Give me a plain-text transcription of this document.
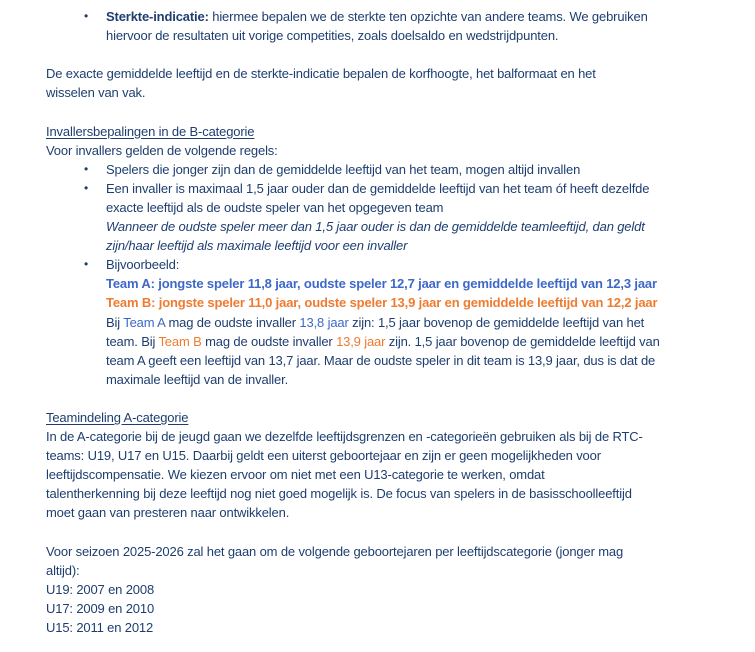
• Sterkte-indicatie: hiermee bepalen we de sterkte ten opzichte van andere teams. We gebruiken
hiervoor de resultaten uit vorige competities, zoals doelsaldo en wedstrijdpunten.
De exacte gemiddelde leeftijd en de sterkte-indicatie bepalen de korfhoogte, het balformaat en het
wisselen van vak.
Invallersbepalingen in de B-categorie
Voor invallers gelden de volgende regels:
• Spelers die jonger zijn dan de gemiddelde leeftijd van het team, mogen altijd invallen
• Een invaller is maximaal 1,5 jaar ouder dan de gemiddelde leeftijd van het team óf heeft dezelfde
exacte leeftijd als de oudste speler van het opgegeven team
Wanneer de oudste speler meer dan 1,5 jaar ouder is dan de gemiddelde teamleeftijd, dan geldt
zijn/haar leeftijd als maximale leeftijd voor een invaller
• Bijvoorbeeld:
Team A: jongste speler 11,8 jaar, oudste speler 12,7 jaar en gemiddelde leeftijd van 12,3 jaar
Team B: jongste speler 11,0 jaar, oudste speler 13,9 jaar en gemiddelde leeftijd van 12,2 jaar
Bij Team A mag de oudste invaller 13,8 jaar zijn: 1,5 jaar bovenop de gemiddelde leeftijd van het
team. Bij Team B mag de oudste invaller 13,9 jaar zijn. 1,5 jaar bovenop de gemiddelde leeftijd van
team A geeft een leeftijd van 13,7 jaar. Maar de oudste speler in dit team is 13,9 jaar, dus is dat de
maximale leeftijd van de invaller.
Teamindeling A-categorie
In de A-categorie bij de jeugd gaan we dezelfde leeftijdsgrenzen en -categorieën gebruiken als bij de RTC-
teams: U19, U17 en U15. Daarbij geldt een uiterst geboortejaar en zijn er geen mogelijkheden voor
leeftijdscompensatie. We kiezen ervoor om niet met een U13-categorie te werken, omdat
talentherkenning bij deze leeftijd nog niet goed mogelijk is. De focus van spelers in de basisschoolleeftijd
moet gaan van presteren naar ontwikkelen.
Voor seizoen 2025-2026 zal het gaan om de volgende geboortejaren per leeftijdscategorie (jonger mag
altijd):
U19: 2007 en 2008
U17: 2009 en 2010
U15: 2011 en 2012
